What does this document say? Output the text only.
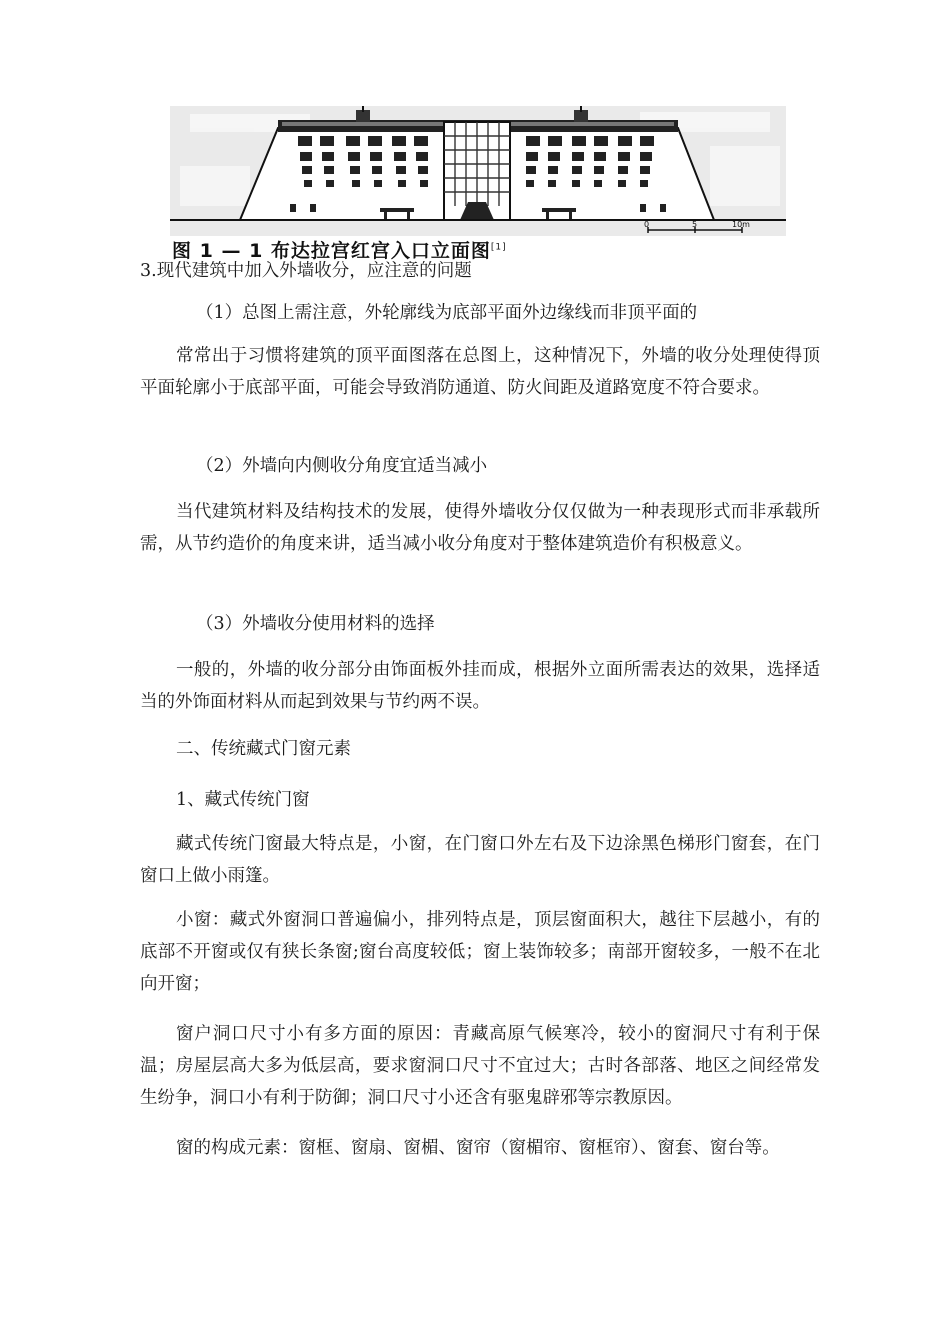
0	5	10m
图 1 — 1 布达拉宫红宫入口立面图[1]
3.现代建筑中加入外墙收分，应注意的问题
（1）总图上需注意，外轮廓线为底部平面外边缘线而非顶平面的
常常出于习惯将建筑的顶平面图落在总图上，这种情况下，外墙的收分处理使得顶平面轮廓小于底部平面，可能会导致消防通道、防火间距及道路宽度不符合要求。
（2）外墙向内侧收分角度宜适当减小
当代建筑材料及结构技术的发展，使得外墙收分仅仅做为一种表现形式而非承载所需，从节约造价的角度来讲，适当减小收分角度对于整体建筑造价有积极意义。
（3）外墙收分使用材料的选择
一般的，外墙的收分部分由饰面板外挂而成，根据外立面所需表达的效果，选择适当的外饰面材料从而起到效果与节约两不误。
二、传统藏式门窗元素
1、藏式传统门窗
藏式传统门窗最大特点是，小窗，在门窗口外左右及下边涂黑色梯形门窗套，在门窗口上做小雨篷。
小窗：藏式外窗洞口普遍偏小，排列特点是，顶层窗面积大，越往下层越小，有的底部不开窗或仅有狭长条窗;窗台高度较低；窗上装饰较多；南部开窗较多，一般不在北向开窗；
窗户洞口尺寸小有多方面的原因：青藏高原气候寒冷，较小的窗洞尺寸有利于保温；房屋层高大多为低层高，要求窗洞口尺寸不宜过大；古时各部落、地区之间经常发生纷争，洞口小有利于防御；洞口尺寸小还含有驱鬼辟邪等宗教原因。
窗的构成元素：窗框、窗扇、窗楣、窗帘（窗楣帘、窗框帘）、窗套、窗台等。
